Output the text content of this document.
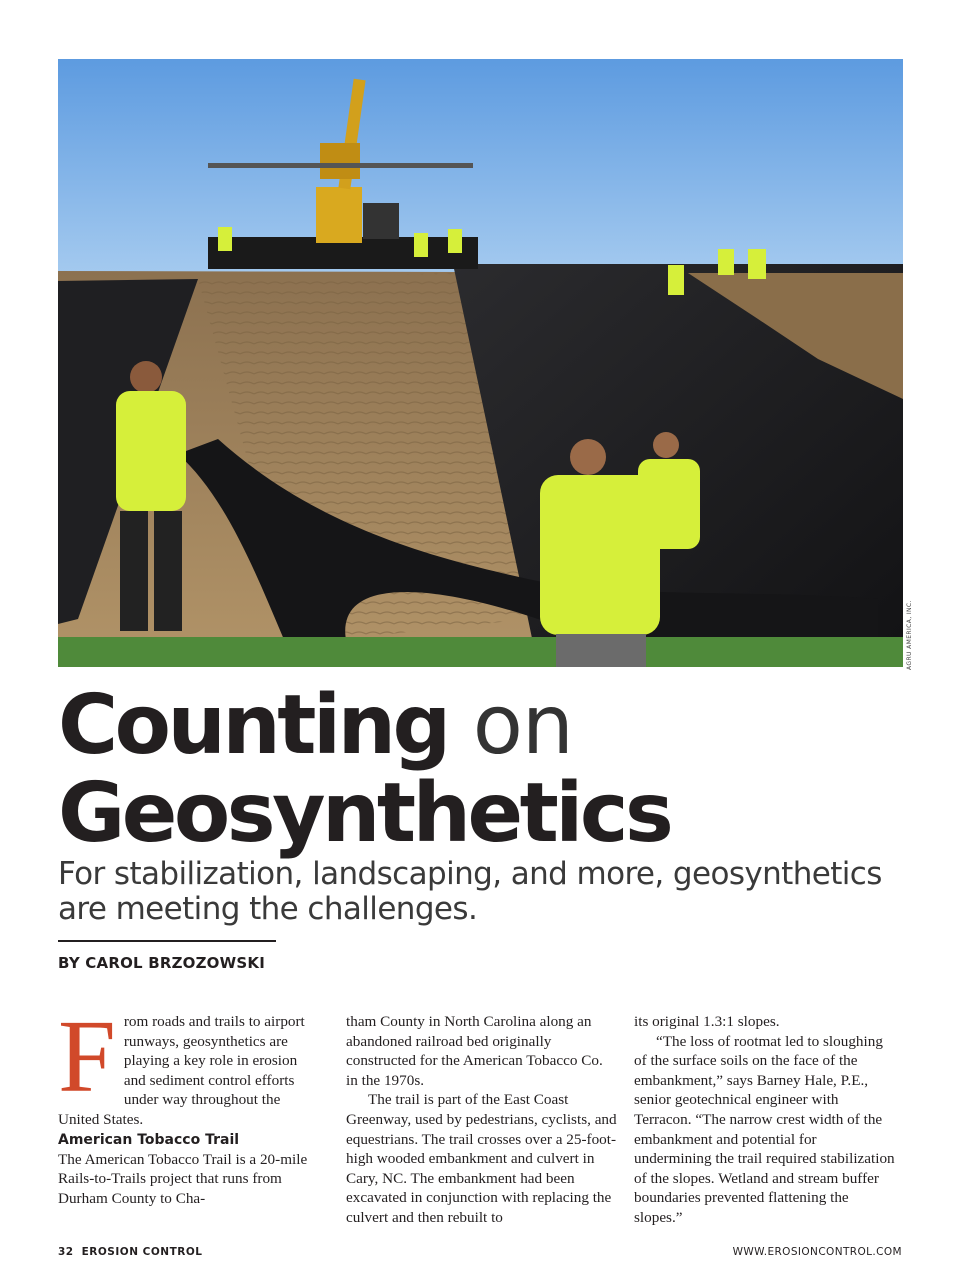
AGRU AMERICA, INC.
Counting on
Geosynthetics
For stabilization, landscaping, and more, geosynthetics are meeting the challenges.
BY CAROL BRZOZOWSKI

From roads and trails to airport runways, geosynthetics are playing a key role in erosion and sediment control efforts under way throughout the United States.

American Tobacco Trail

The American Tobacco Trail is a 20-mile Rails-to-Trails project that runs from Durham County to Cha-

tham County in North Carolina along an abandoned railroad bed originally constructed for the American Tobacco Co. in the 1970s.

The trail is part of the East Coast Greenway, used by pedestrians, cyclists, and equestrians. The trail crosses over a 25-foot-high wooded embankment and culvert in Cary, NC. The embankment had been excavated in conjunction with replacing the culvert and then rebuilt to

its original 1.3:1 slopes.

“The loss of rootmat led to sloughing of the surface soils on the face of the embankment,” says Barney Hale, P.E., senior geotechnical engineer with Terracon. “The narrow crest width of the embankment and potential for undermining the trail required stabilization of the slopes. Wetland and stream buffer boundaries prevented flattening the slopes.”

32 EROSION CONTROL	WWW.EROSIONCONTROL.COM
